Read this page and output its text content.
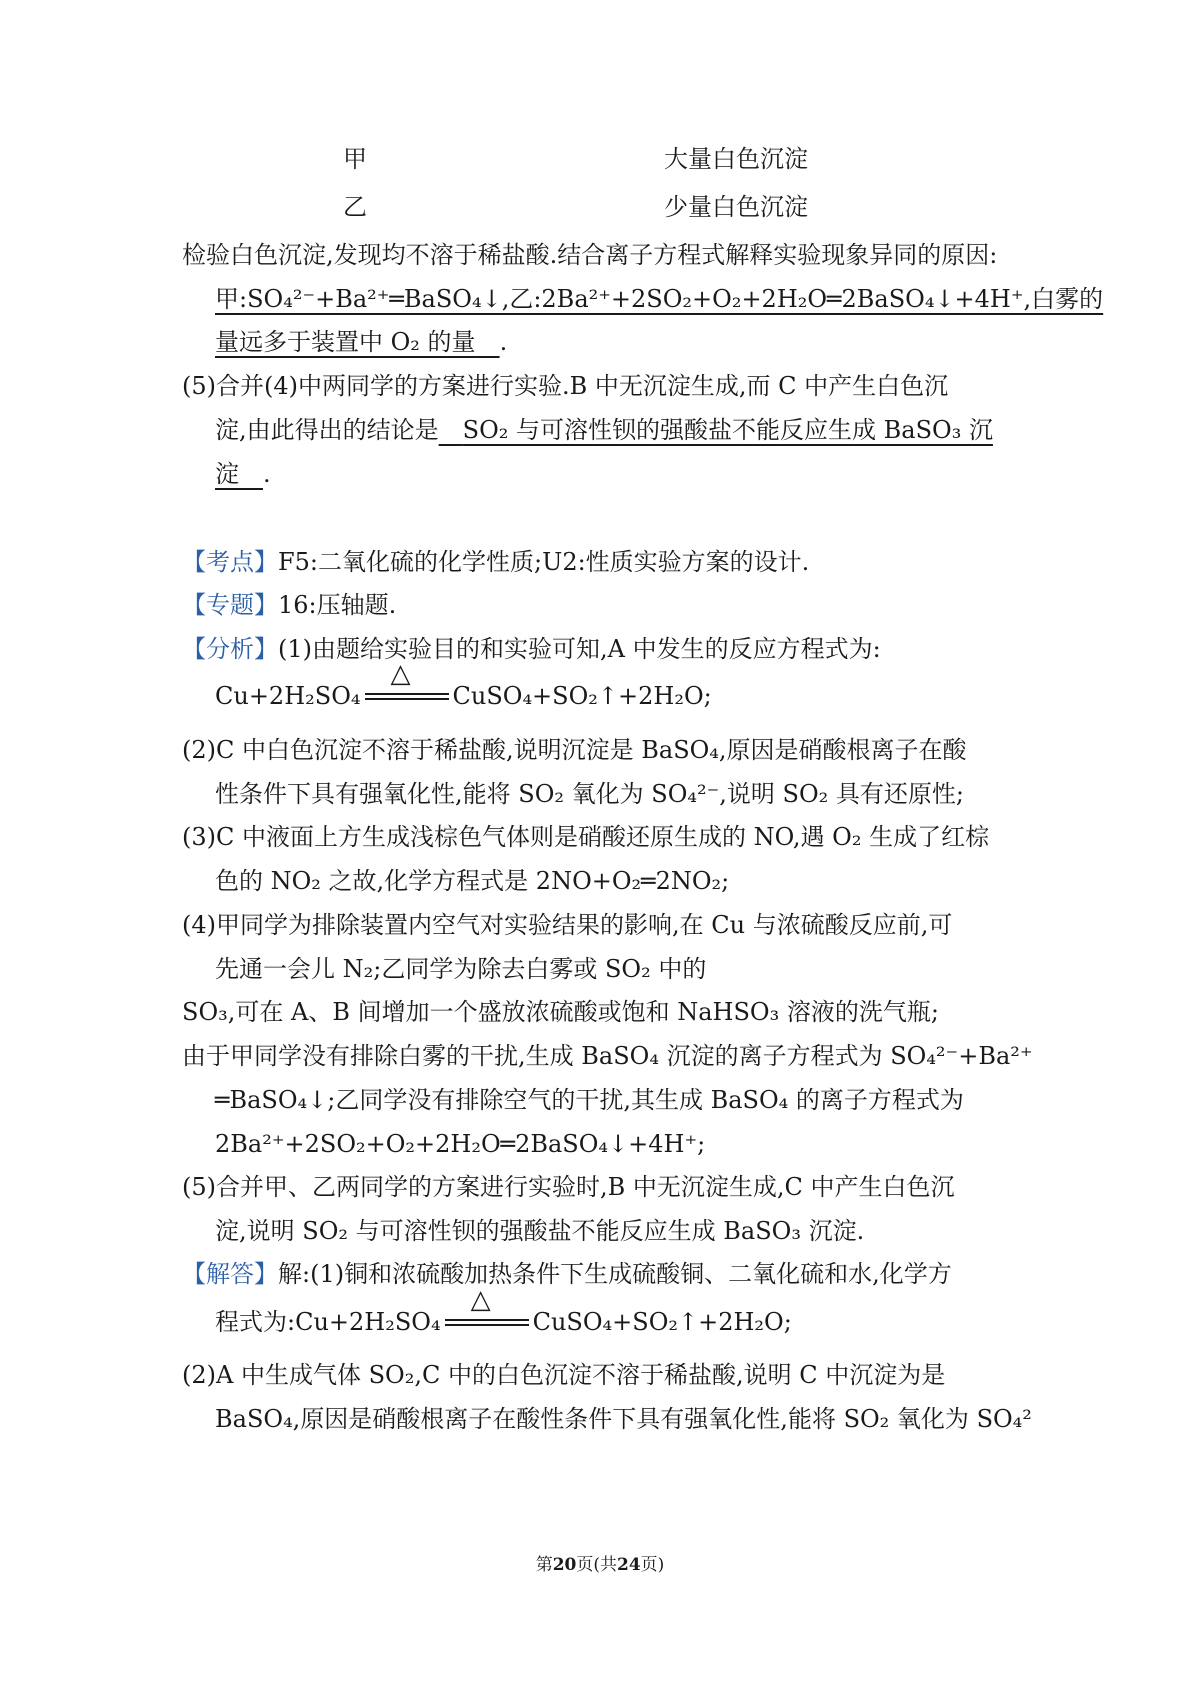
甲	大量白色沉淀
乙	少量白色沉淀
检验白色沉淀,发现均不溶于稀盐酸.结合离子方程式解释实验现象异同的原因:
甲:SO₄²⁻+Ba²⁺═BaSO₄↓,乙:2Ba²⁺+2SO₂+O₂+2H₂O═2BaSO₄↓+4H⁺,白雾的
量远多于装置中 O₂ 的量  .
(5)合并(4)中两同学的方案进行实验.B 中无沉淀生成,而 C 中产生白色沉
淀,由此得出的结论是  SO₂ 与可溶性钡的强酸盐不能反应生成 BaSO₃ 沉
淀  .
【考点】F5:二氧化硫的化学性质;U2:性质实验方案的设计.
【专题】16:压轴题.
【分析】(1)由题给实验目的和实验可知,A 中发生的反应方程式为:
Cu+2H₂SO₄
△
CuSO₄+SO₂↑+2H₂O;
(2)C 中白色沉淀不溶于稀盐酸,说明沉淀是 BaSO₄,原因是硝酸根离子在酸
性条件下具有强氧化性,能将 SO₂ 氧化为 SO₄²⁻,说明 SO₂ 具有还原性;
(3)C 中液面上方生成浅棕色气体则是硝酸还原生成的 NO,遇 O₂ 生成了红棕
色的 NO₂ 之故,化学方程式是 2NO+O₂═2NO₂;
(4)甲同学为排除装置内空气对实验结果的影响,在 Cu 与浓硫酸反应前,可
先通一会儿 N₂;乙同学为除去白雾或 SO₂ 中的
SO₃,可在 A、B 间增加一个盛放浓硫酸或饱和 NaHSO₃ 溶液的洗气瓶;
由于甲同学没有排除白雾的干扰,生成 BaSO₄ 沉淀的离子方程式为 SO₄²⁻+Ba²⁺
═BaSO₄↓;乙同学没有排除空气的干扰,其生成 BaSO₄ 的离子方程式为
2Ba²⁺+2SO₂+O₂+2H₂O═2BaSO₄↓+4H⁺;
(5)合并甲、乙两同学的方案进行实验时,B 中无沉淀生成,C 中产生白色沉
淀,说明 SO₂ 与可溶性钡的强酸盐不能反应生成 BaSO₃ 沉淀.
【解答】解:(1)铜和浓硫酸加热条件下生成硫酸铜、二氧化硫和水,化学方
程式为:Cu+2H₂SO₄
△
CuSO₄+SO₂↑+2H₂O;
(2)A 中生成气体 SO₂,C 中的白色沉淀不溶于稀盐酸,说明 C 中沉淀为是
BaSO₄,原因是硝酸根离子在酸性条件下具有强氧化性,能将 SO₂ 氧化为 SO₄²
第20页(共24页)
